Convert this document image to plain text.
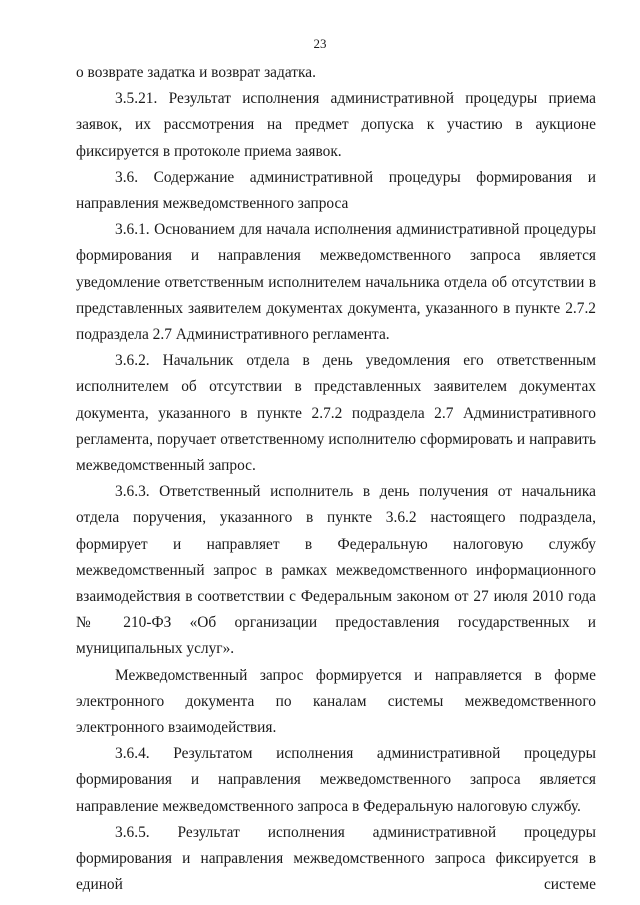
23

о возврате задатка и возврат задатка.

3.5.21. Результат исполнения административной процедуры приема заявок, их рассмотрения на предмет допуска к участию в аукционе фиксируется в протоколе приема заявок.

3.6. Содержание административной процедуры формирования и направления межведомственного запроса

3.6.1. Основанием для начала исполнения административной процедуры формирования и направления межведомственного запроса является уведомление ответственным исполнителем начальника отдела об отсутствии в представленных заявителем документах документа, указанного в пункте 2.7.2 подраздела 2.7 Административного регламента.

3.6.2. Начальник отдела в день уведомления его ответственным исполнителем об отсутствии в представленных заявителем документах документа, указанного в пункте 2.7.2 подраздела 2.7 Административного регламента, поручает ответственному исполнителю сформировать и направить межведомственный запрос.

3.6.3. Ответственный исполнитель в день получения от начальника отдела поручения, указанного в пункте 3.6.2 настоящего подраздела, формирует и направляет в Федеральную налоговую службу межведомственный запрос в рамках межведомственного информационного взаимодействия в соответствии с Федеральным законом от 27 июля 2010 года № 210-ФЗ «Об организации предоставления государственных и муниципальных услуг».

Межведомственный запрос формируется и направляется в форме электронного документа по каналам системы межведомственного электронного взаимодействия.

3.6.4. Результатом исполнения административной процедуры формирования и направления межведомственного запроса является направление межведомственного запроса в Федеральную налоговую службу.

3.6.5. Результат исполнения административной процедуры формирования и направления межведомственного запроса фиксируется в единой системе
